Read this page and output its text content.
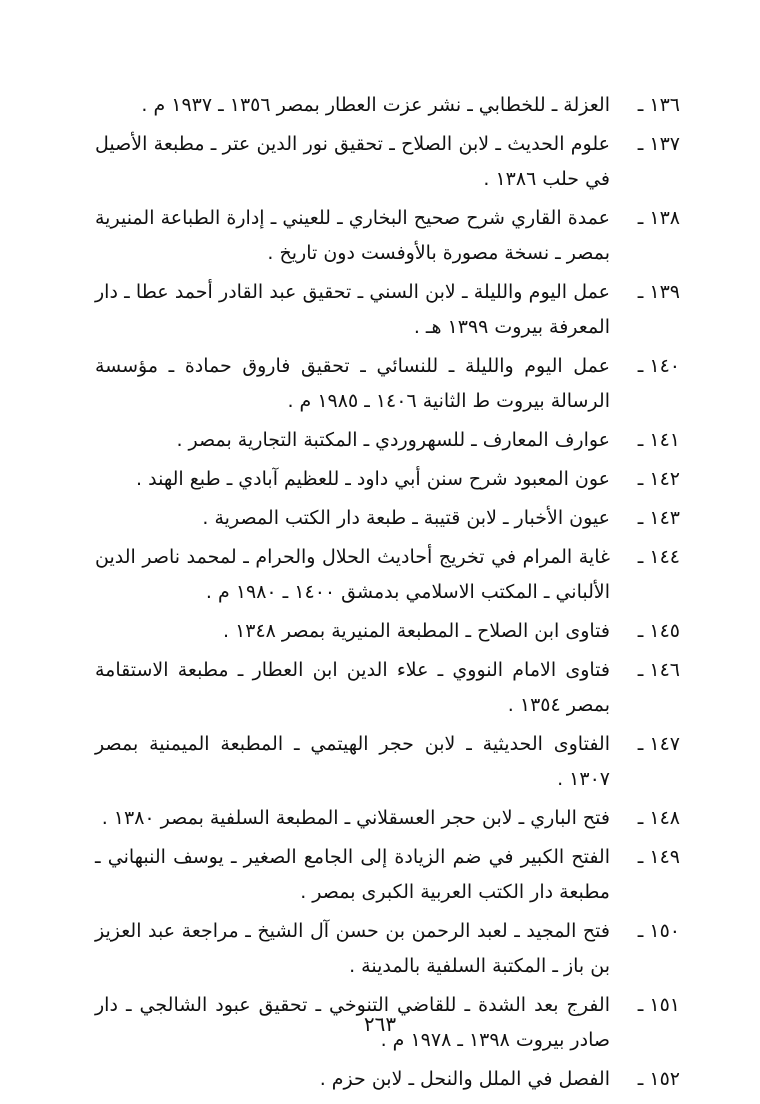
١٣٦ ـ
العزلة ـ للخطابي ـ نشر عزت العطار بمصر ١٣٥٦ ـ ١٩٣٧ م .
١٣٧ ـ
علوم الحديث ـ لابن الصلاح ـ تحقيق نور الدين عتر ـ مطبعة الأصيل في حلب ١٣٨٦ .
١٣٨ ـ
عمدة القاري شرح صحيح البخاري ـ للعيني ـ إدارة الطباعة المنيرية بمصر ـ نسخة مصورة بالأوفست دون تاريخ .
١٣٩ ـ
عمل اليوم والليلة ـ لابن السني ـ تحقيق عبد القادر أحمد عطا ـ دار المعرفة بيروت ١٣٩٩ هـ .
١٤٠ ـ
عمل اليوم والليلة ـ للنسائي ـ تحقيق فاروق حمادة ـ مؤسسة الرسالة بيروت ط الثانية ١٤٠٦ ـ ١٩٨٥ م .
١٤١ ـ
عوارف المعارف ـ للسهروردي ـ المكتبة التجارية بمصر .
١٤٢ ـ
عون المعبود شرح سنن أبي داود ـ للعظيم آبادي ـ طبع الهند .
١٤٣ ـ
عيون الأخبار ـ لابن قتيبة ـ طبعة دار الكتب المصرية .
١٤٤ ـ
غاية المرام في تخريج أحاديث الحلال والحرام ـ لمحمد ناصر الدين الألباني ـ المكتب الاسلامي بدمشق ١٤٠٠ ـ ١٩٨٠ م .
١٤٥ ـ
فتاوى ابن الصلاح ـ المطبعة المنيرية بمصر ١٣٤٨ .
١٤٦ ـ
فتاوى الامام النووي ـ علاء الدين ابن العطار ـ مطبعة الاستقامة بمصر ١٣٥٤ .
١٤٧ ـ
الفتاوى الحديثية ـ لابن حجر الهيتمي ـ المطبعة الميمنية بمصر ١٣٠٧ .
١٤٨ ـ
فتح الباري ـ لابن حجر العسقلاني ـ المطبعة السلفية بمصر ١٣٨٠ .
١٤٩ ـ
الفتح الكبير في ضم الزيادة إلى الجامع الصغير ـ يوسف النبهاني ـ مطبعة دار الكتب العربية الكبرى بمصر .
١٥٠ ـ
فتح المجيد ـ لعبد الرحمن بن حسن آل الشيخ ـ مراجعة عبد العزيز بن باز ـ المكتبة السلفية بالمدينة .
١٥١ ـ
الفرج بعد الشدة ـ للقاضي التنوخي ـ تحقيق عبود الشالجي ـ دار صادر بيروت ١٣٩٨ ـ ١٩٧٨ م .
١٥٢ ـ
الفصل في الملل والنحل ـ لابن حزم .
٢٦٣
